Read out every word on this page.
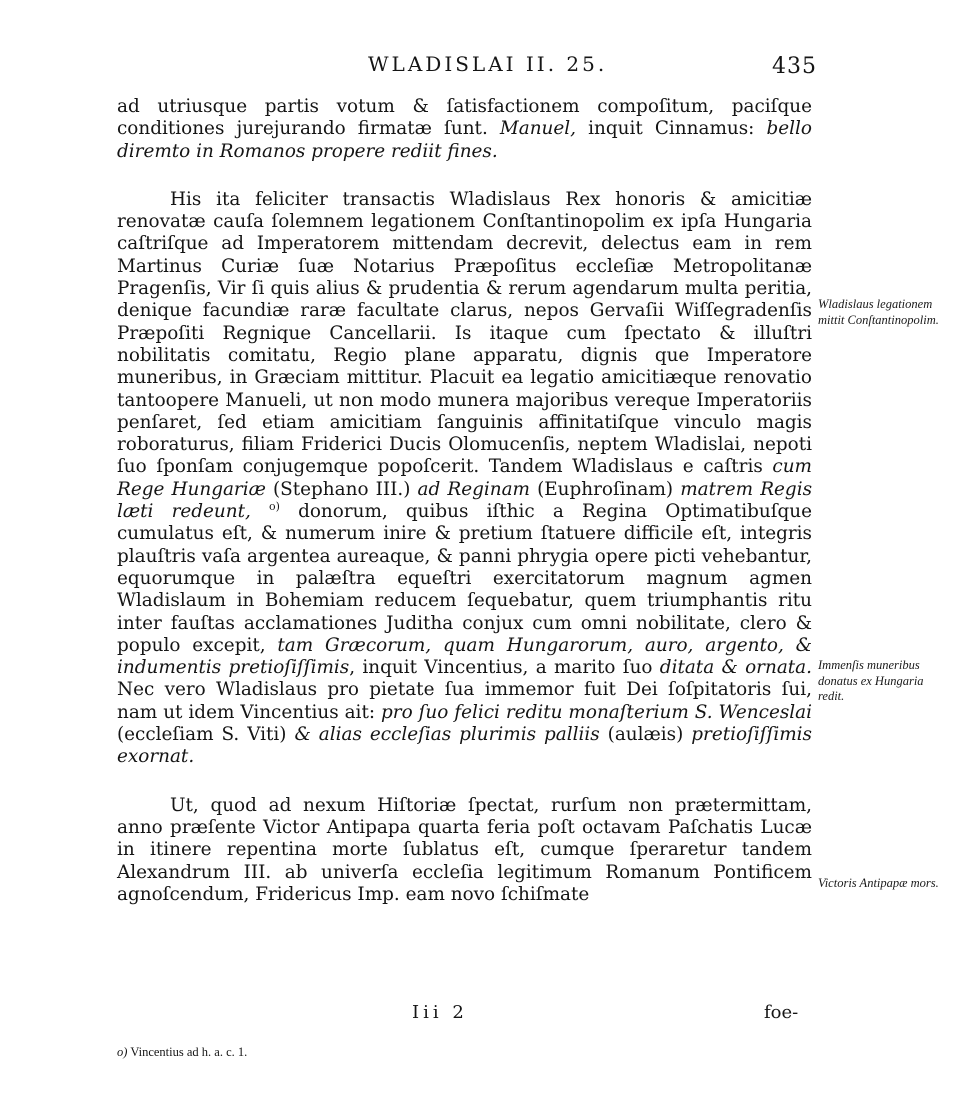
WLADISLAI II. 25.	435

ad utriusque partis votum & ſatisfactionem compoſitum, paciſque conditiones jurejurando firmatæ ſunt. Manuel, inquit Cinnamus: bello diremto in Romanos propere rediit fines.

His ita feliciter transactis Wladislaus Rex honoris & amicitiæ renovatæ cauſa ſolemnem legationem Conſtantinopolim ex ipſa Hungaria caſtriſque ad Imperatorem mittendam decrevit, delectus eam in rem Martinus Curiæ ſuæ Notarius Præpoſitus eccleſiæ Metropolitanæ Pragenſis, Vir ſi quis alius & prudentia & rerum agendarum multa peritia, denique facundiæ raræ facultate clarus, nepos Gervaſii Wiſſegradenſis Præpoſiti Regnique Cancellarii. Is itaque cum ſpectato & illuſtri nobilitatis comitatu, Regio plane apparatu, dignis que Imperatore muneribus, in Græciam mittitur. Placuit ea legatio amicitiæque renovatio tantoopere Manueli, ut non modo munera majoribus vereque Imperatoriis penſaret, ſed etiam amicitiam ſanguinis affinitatiſque vinculo magis roboraturus, filiam Friderici Ducis Olomucenſis, neptem Wladislai, nepoti ſuo ſponſam conjugemque popoſcerit. Tandem Wladislaus e caſtris cum Rege Hungariæ (Stephano III.) ad Reginam (Euphroſinam) matrem Regis læti redeunt, $^{o)}$ donorum, quibus iſthic a Regina Optimatibuſque cumulatus eſt, & numerum inire & pretium ſtatuere difficile eſt, integris plauſtris vaſa argentea aureaque, & panni phrygia opere picti vehebantur, equorumque in palæſtra equeſtri exercitatorum magnum agmen Wladislaum in Bohemiam reducem ſequebatur, quem triumphantis ritu inter fauſtas acclamationes Juditha conjux cum omni nobilitate, clero & populo excepit, tam Græcorum, quam Hungarorum, auro, argento, & indumentis pretioſiſſimis, inquit Vincentius, a marito ſuo ditata & ornata. Nec vero Wladislaus pro pietate ſua immemor fuit Dei ſoſpitatoris ſui, nam ut idem Vincentius ait: pro ſuo felici reditu monaſterium S. Wenceslai (eccleſiam S. Viti) & alias eccleſias plurimis palliis (aulæis) pretioſiſſimis exornat.

Ut, quod ad nexum Hiſtoriæ ſpectat, rurſum non prætermittam, anno præſente Victor Antipapa quarta feria poſt octavam Paſchatis Lucæ in itinere repentina morte ſublatus eſt, cumque ſperaretur tandem Alexandrum III. ab univerſa eccleſia legitimum Romanum Pontificem agnoſcendum, Fridericus Imp. eam novo ſchiſmate

Wladislaus legationem mittit Conſtantinopolim.
Immenſis muneribus donatus ex Hungaria redit.
Victoris Antipapæ mors.
Iii 2	foe-
o) Vincentius ad h. a. c. 1.
